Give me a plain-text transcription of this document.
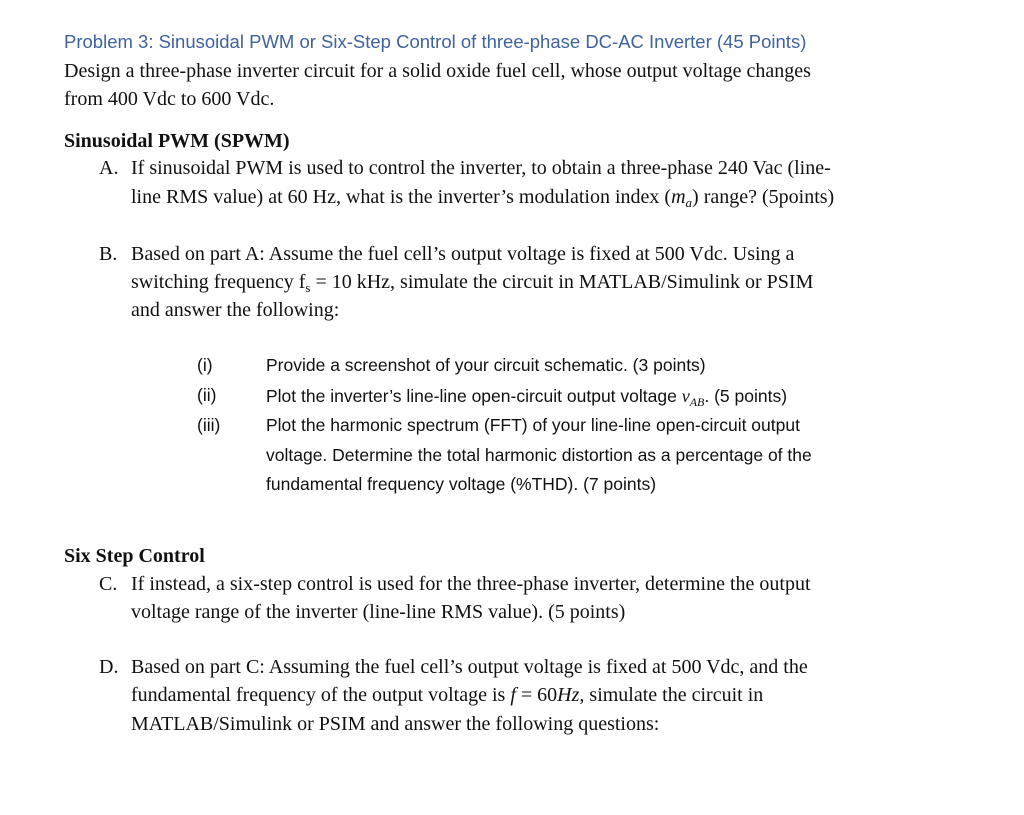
Problem 3: Sinusoidal PWM or Six-Step Control of three-phase DC-AC Inverter (45 Points)
Design a three-phase inverter circuit for a solid oxide fuel cell, whose output voltage changes
from 400 Vdc to 600 Vdc.
Sinusoidal PWM (SPWM)
A. If sinusoidal PWM is used to control the inverter, to obtain a three-phase 240 Vac (line-
line RMS value) at 60 Hz, what is the inverter’s modulation index $(m_a)$ range? (5points)
B. Based on part A: Assume the fuel cell’s output voltage is fixed at 500 Vdc. Using a
switching frequency $f_s = 10$ kHz, simulate the circuit in MATLAB/Simulink or PSIM
and answer the following:
(i)	Provide a screenshot of your circuit schematic. (3 points)
(ii)	Plot the inverter’s line-line open-circuit output voltage $v_{AB}$. (5 points)
(iii)	Plot the harmonic spectrum (FFT) of your line-line open-circuit output
voltage. Determine the total harmonic distortion as a percentage of the
fundamental frequency voltage (%THD). (7 points)
Six Step Control
C. If instead, a six-step control is used for the three-phase inverter, determine the output
voltage range of the inverter (line-line RMS value). (5 points)
D. Based on part C: Assuming the fuel cell’s output voltage is fixed at 500 Vdc, and the
fundamental frequency of the output voltage is f = 60Hz, simulate the circuit in
MATLAB/Simulink or PSIM and answer the following questions:
